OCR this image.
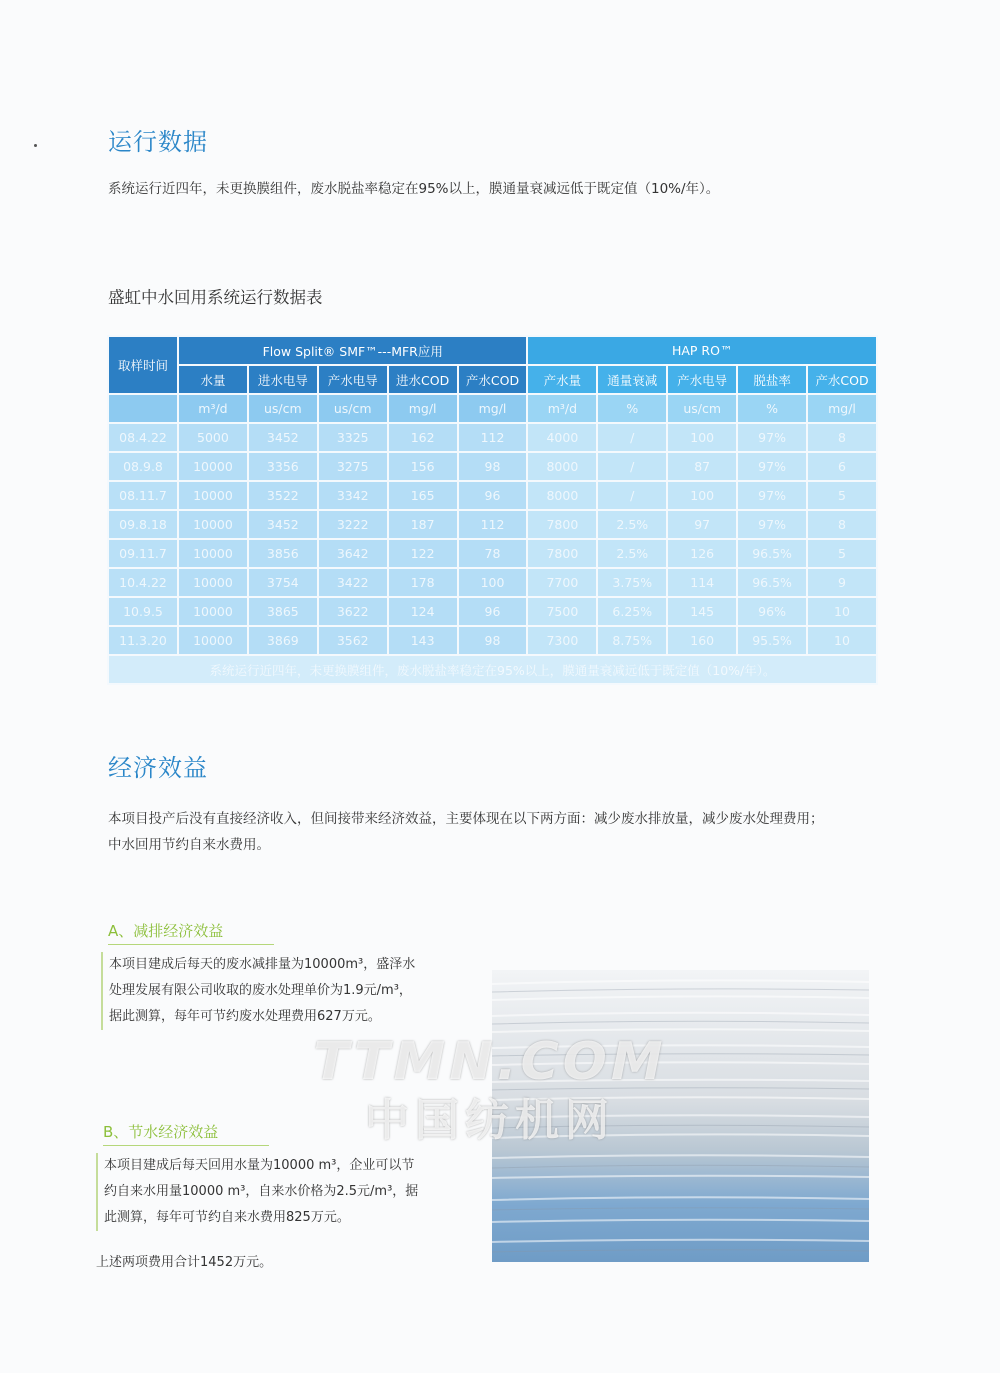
运行数据
系统运行近四年，未更换膜组件，废水脱盐率稳定在95%以上，膜通量衰减远低于既定值（10%/年）。
盛虹中水回用系统运行数据表
取样时间	Flow Split® SMF™---MFR应用					HAP RO™				
	水量	进水电导	产水电导	进水COD	产水COD	产水量	通量衰减	产水电导	脱盐率	产水COD
	m³/d	us/cm	us/cm	mg/l	mg/l	m³/d	%	us/cm	%	mg/l
08.4.22	5000	3452	3325	162	112	4000	/	100	97%	8
08.9.8	10000	3356	3275	156	98	8000	/	87	97%	6
08.11.7	10000	3522	3342	165	96	8000	/	100	97%	5
09.8.18	10000	3452	3222	187	112	7800	2.5%	97	97%	8
09.11.7	10000	3856	3642	122	78	7800	2.5%	126	96.5%	5
10.4.22	10000	3754	3422	178	100	7700	3.75%	114	96.5%	9
10.9.5	10000	3865	3622	124	96	7500	6.25%	145	96%	10
11.3.20	10000	3869	3562	143	98	7300	8.75%	160	95.5%	10
系统运行近四年，未更换膜组件，废水脱盐率稳定在95%以上，膜通量衰减远低于既定值（10%/年）。										
经济效益
本项目投产后没有直接经济收入，但间接带来经济效益，主要体现在以下两方面：减少废水排放量，减少废水处理费用；
中水回用节约自来水费用。
A、减排经济效益
本项目建成后每天的废水减排量为10000m³，盛泽水
处理发展有限公司收取的废水处理单价为1.9元/m³，
据此测算，每年可节约废水处理费用627万元。
B、节水经济效益
本项目建成后每天回用水量为10000 m³，企业可以节
约自来水用量10000 m³，自来水价格为2.5元/m³，据
此测算，每年可节约自来水费用825万元。
上述两项费用合计1452万元。
TTMN.COM
中国纺机网
